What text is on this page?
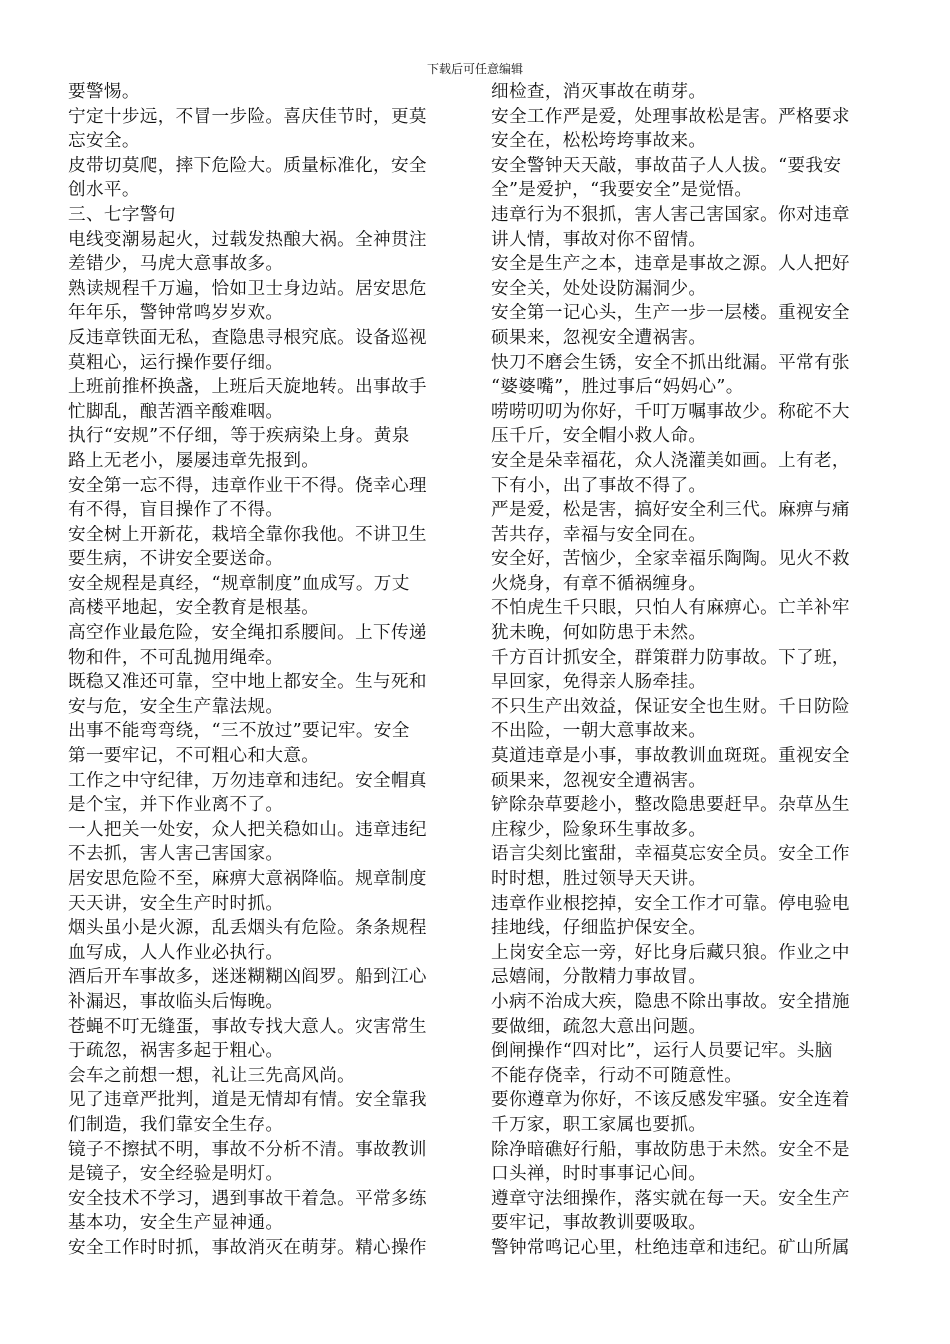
下载后可任意编辑
要警惕。
宁定十步远，不冒一步险。喜庆佳节时，更莫
忘安全。
皮带切莫爬，摔下危险大。质量标准化，安全
创水平。
三、七字警句
电线变潮易起火，过载发热酿大祸。全神贯注
差错少，马虎大意事故多。
熟读规程千万遍，恰如卫士身边站。居安思危
年年乐，警钟常鸣岁岁欢。
反违章铁面无私，查隐患寻根究底。设备巡视
莫粗心，运行操作要仔细。
上班前推杯换盏，上班后天旋地转。出事故手
忙脚乱，酿苦酒辛酸难咽。
执行“安规”不仔细，等于疾病染上身。黄泉
路上无老小，屡屡违章先报到。
安全第一忘不得，违章作业干不得。侥幸心理
有不得，盲目操作了不得。
安全树上开新花，栽培全靠你我他。不讲卫生
要生病，不讲安全要送命。
安全规程是真经，“规章制度”血成写。万丈
高楼平地起，安全教育是根基。
高空作业最危险，安全绳扣系腰间。上下传递
物和件，不可乱抛用绳牵。
既稳又准还可靠，空中地上都安全。生与死和
安与危，安全生产靠法规。
出事不能弯弯绕，“三不放过”要记牢。安全
第一要牢记，不可粗心和大意。
工作之中守纪律，万勿违章和违纪。安全帽真
是个宝，并下作业离不了。
一人把关一处安，众人把关稳如山。违章违纪
不去抓，害人害己害国家。
居安思危险不至，麻痹大意祸降临。规章制度
天天讲，安全生产时时抓。
烟头虽小是火源，乱丢烟头有危险。条条规程
血写成，人人作业必执行。
酒后开车事故多，迷迷糊糊凶阎罗。船到江心
补漏迟，事故临头后悔晚。
苍蝇不叮无缝蛋，事故专找大意人。灾害常生
于疏忽，祸害多起于粗心。
会车之前想一想，礼让三先高风尚。
见了违章严批判，道是无情却有情。安全靠我
们制造，我们靠安全生存。
镜子不擦拭不明，事故不分析不清。事故教训
是镜子，安全经验是明灯。
安全技术不学习，遇到事故干着急。平常多练
基本功，安全生产显神通。
安全工作时时抓，事故消灭在萌芽。精心操作
细检查，消灭事故在萌芽。
安全工作严是爱，处理事故松是害。严格要求
安全在，松松垮垮事故来。
安全警钟天天敲，事故苗子人人拔。“要我安
全”是爱护，“我要安全”是觉悟。
违章行为不狠抓，害人害己害国家。你对违章
讲人情，事故对你不留情。
安全是生产之本，违章是事故之源。人人把好
安全关，处处设防漏洞少。
安全第一记心头，生产一步一层楼。重视安全
硕果来，忽视安全遭祸害。
快刀不磨会生锈，安全不抓出纰漏。平常有张
“婆婆嘴”，胜过事后“妈妈心”。
唠唠叨叨为你好，千叮万嘱事故少。称砣不大
压千斤，安全帽小救人命。
安全是朵幸福花，众人浇灌美如画。上有老，
下有小，出了事故不得了。
严是爱，松是害，搞好安全利三代。麻痹与痛
苦共存，幸福与安全同在。
安全好，苦恼少，全家幸福乐陶陶。见火不救
火烧身，有章不循祸缠身。
不怕虎生千只眼，只怕人有麻痹心。亡羊补牢
犹未晚，何如防患于未然。
千方百计抓安全，群策群力防事故。下了班，
早回家，免得亲人肠牵挂。
不只生产出效益，保证安全也生财。千日防险
不出险，一朝大意事故来。
莫道违章是小事，事故教训血斑斑。重视安全
硕果来，忽视安全遭祸害。
铲除杂草要趁小，整改隐患要赶早。杂草丛生
庄稼少，险象环生事故多。
语言尖刻比蜜甜，幸福莫忘安全员。安全工作
时时想，胜过领导天天讲。
违章作业根挖掉，安全工作才可靠。停电验电
挂地线，仔细监护保安全。
上岗安全忘一旁，好比身后藏只狼。作业之中
忌嬉闹，分散精力事故冒。
小病不治成大疾，隐患不除出事故。安全措施
要做细，疏忽大意出问题。
倒闸操作“四对比”，运行人员要记牢。头脑
不能存侥幸，行动不可随意性。
要你遵章为你好，不该反感发牢骚。安全连着
千万家，职工家属也要抓。
除净暗礁好行船，事故防患于未然。安全不是
口头禅，时时事事记心间。
遵章守法细操作，落实就在每一天。安全生产
要牢记，事故教训要吸取。
警钟常鸣记心里，杜绝违章和违纪。矿山所属
